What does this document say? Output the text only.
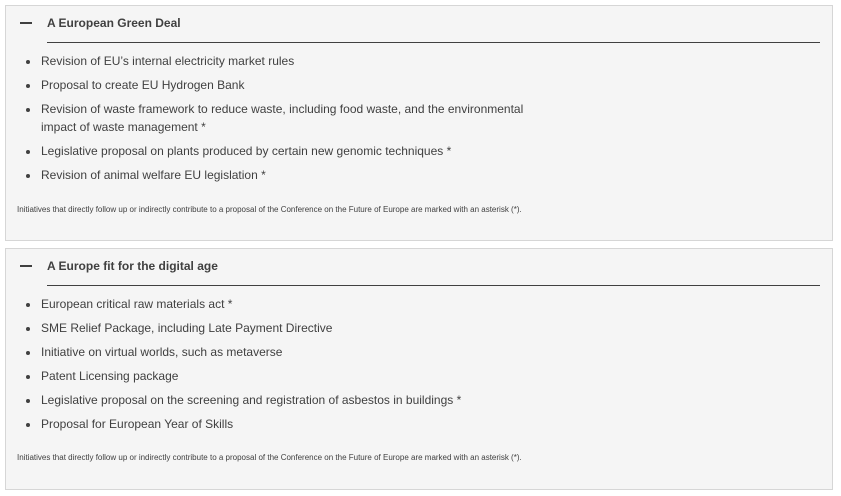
A European Green Deal
Revision of EU’s internal electricity market rules
Proposal to create EU Hydrogen Bank
Revision of waste framework to reduce waste, including food waste, and the environmental impact of waste management *
Legislative proposal on plants produced by certain new genomic techniques *
Revision of animal welfare EU legislation *
Initiatives that directly follow up or indirectly contribute to a proposal of the Conference on the Future of Europe are marked with an asterisk (*).
A Europe fit for the digital age
European critical raw materials act *
SME Relief Package, including Late Payment Directive
Initiative on virtual worlds, such as metaverse
Patent Licensing package
Legislative proposal on the screening and registration of asbestos in buildings *
Proposal for European Year of Skills
Initiatives that directly follow up or indirectly contribute to a proposal of the Conference on the Future of Europe are marked with an asterisk (*).
